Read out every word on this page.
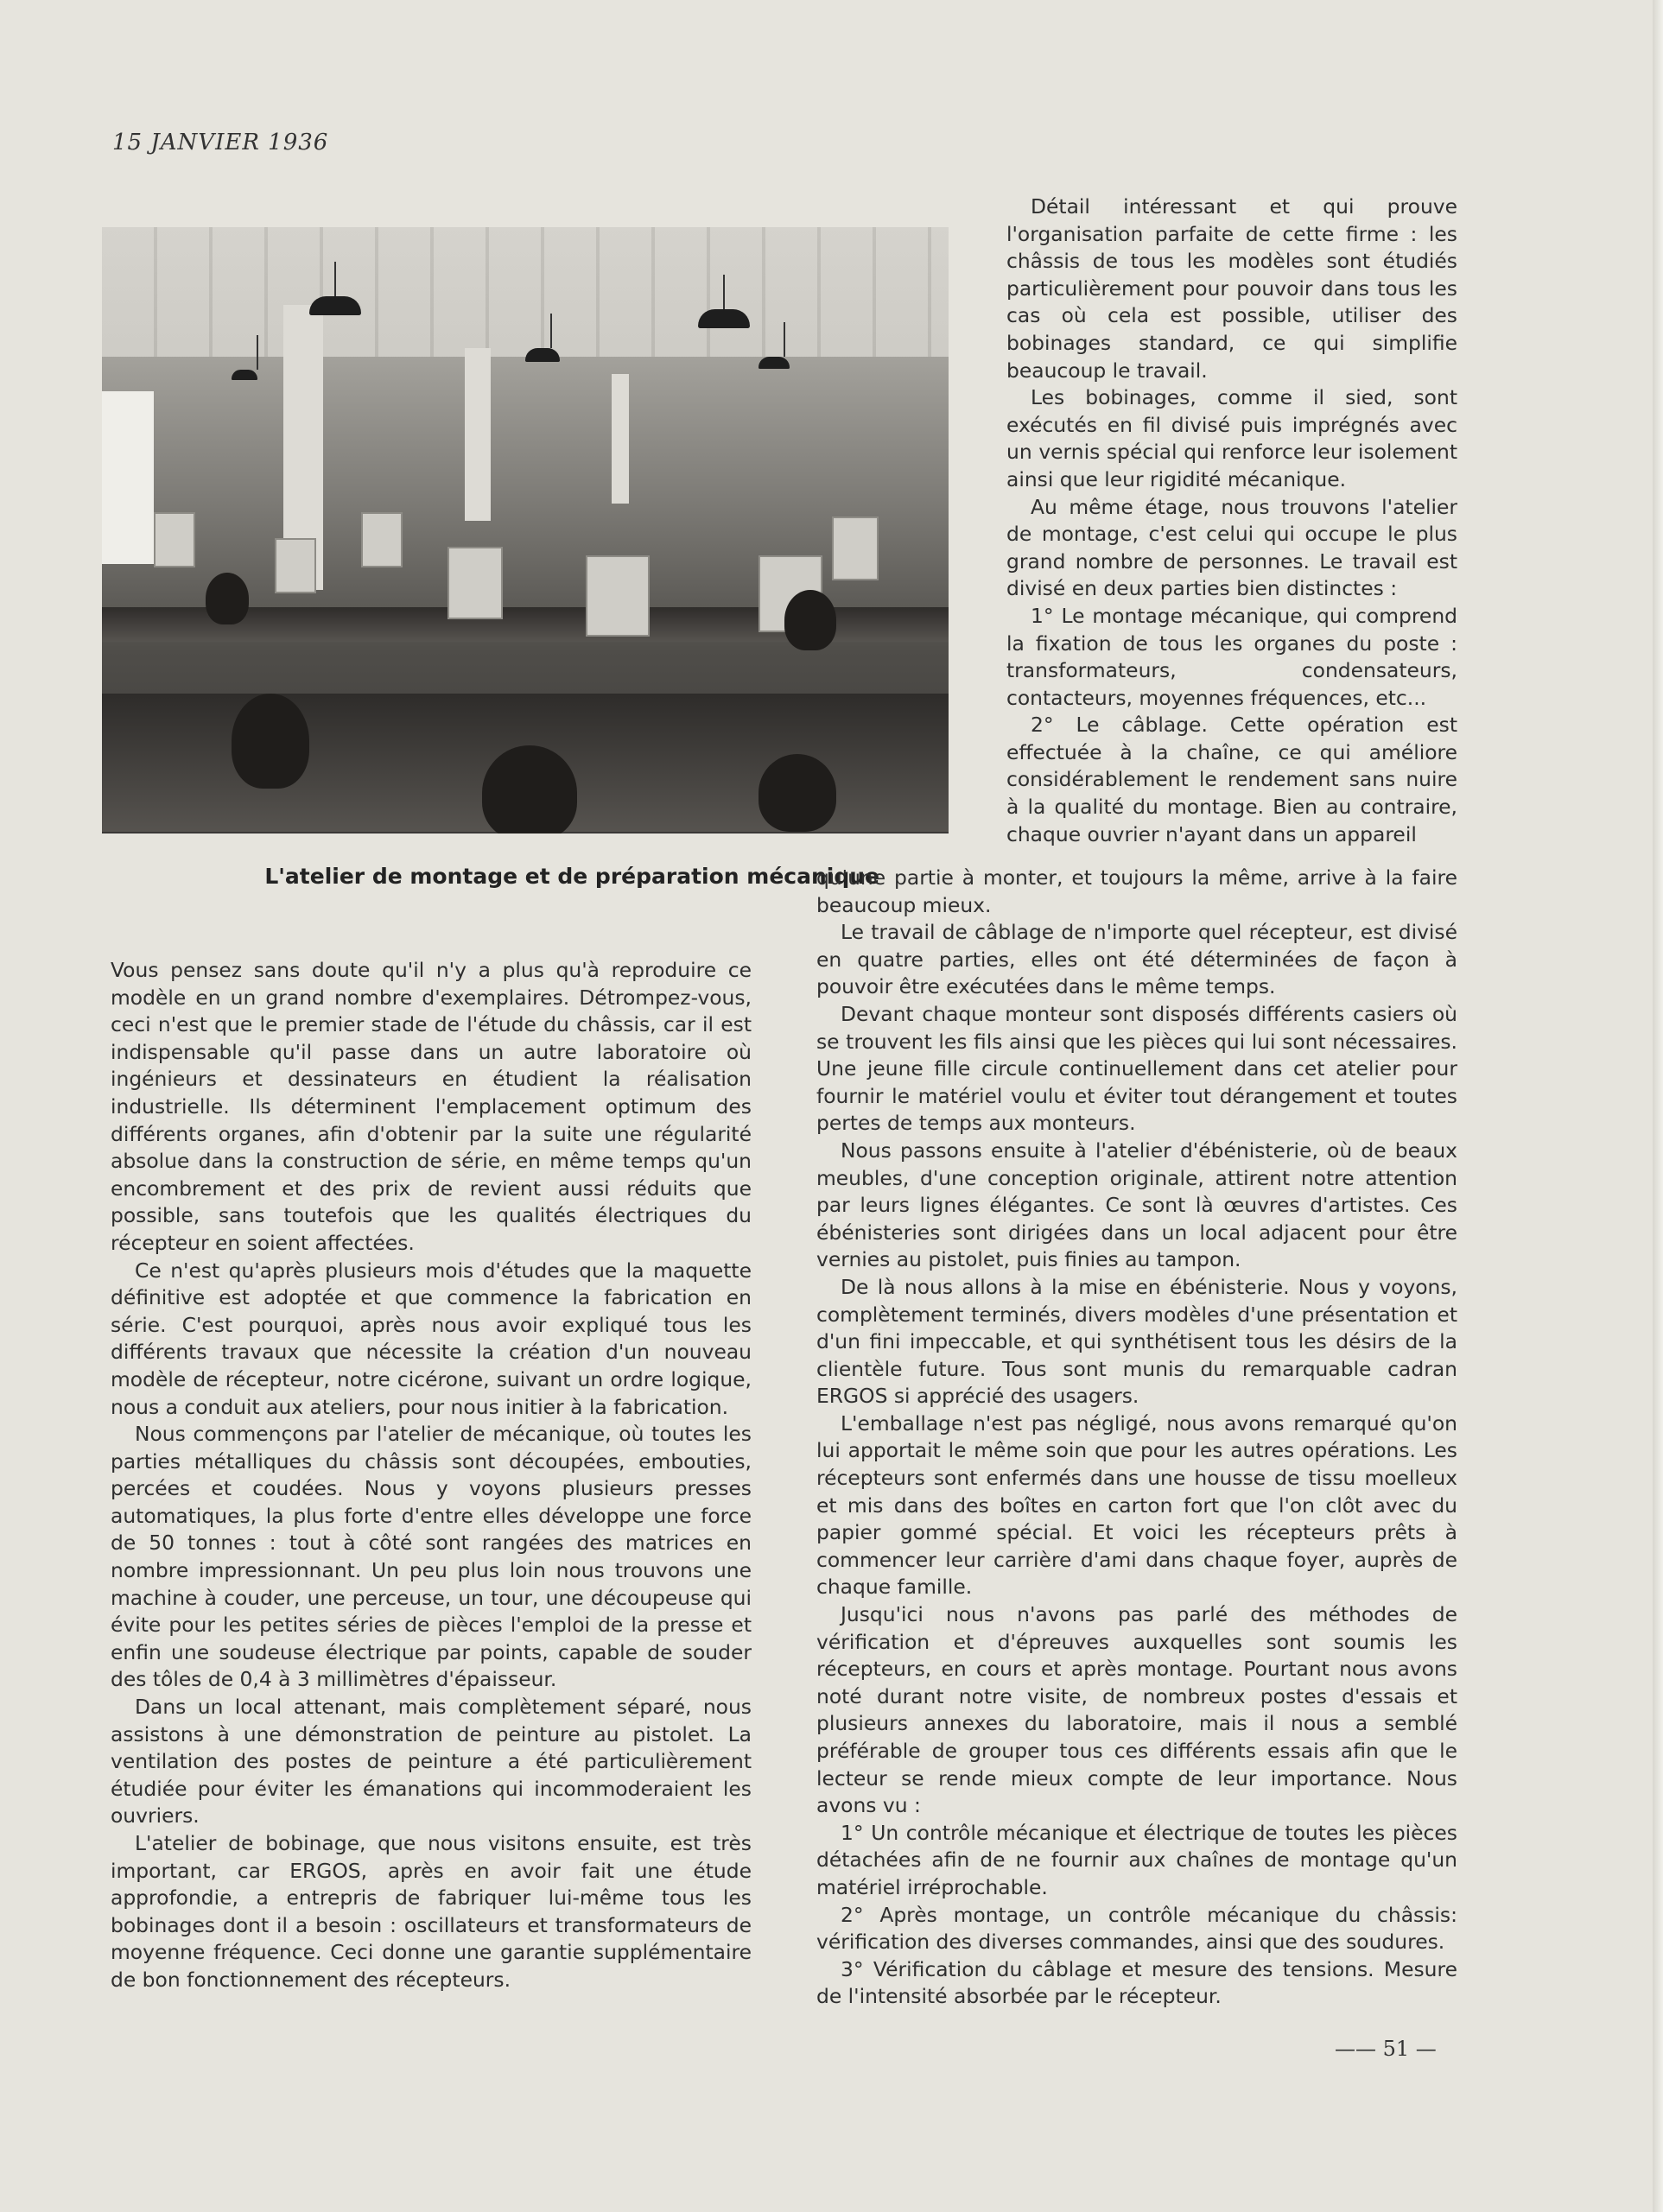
15 JANVIER 1936
L'atelier de montage et de préparation mécanique

Vous pensez sans doute qu'il n'y a plus qu'à reproduire ce modèle en un grand nombre d'exemplaires. Détrompez-vous, ceci n'est que le premier stade de l'étude du châssis, car il est indispensable qu'il passe dans un autre laboratoire où ingénieurs et dessinateurs en étudient la réalisation industrielle. Ils déterminent l'emplacement optimum des différents organes, afin d'obtenir par la suite une régularité absolue dans la construction de série, en même temps qu'un encombrement et des prix de revient aussi réduits que possible, sans toutefois que les qualités électriques du récepteur en soient affectées.

Ce n'est qu'après plusieurs mois d'études que la maquette définitive est adoptée et que commence la fabrication en série. C'est pourquoi, après nous avoir expliqué tous les différents travaux que nécessite la création d'un nouveau modèle de récepteur, notre cicérone, suivant un ordre logique, nous a conduit aux ateliers, pour nous initier à la fabrication.

Nous commençons par l'atelier de mécanique, où toutes les parties métalliques du châssis sont découpées, embouties, percées et coudées. Nous y voyons plusieurs presses automatiques, la plus forte d'entre elles développe une force de 50 tonnes : tout à côté sont rangées des matrices en nombre impressionnant. Un peu plus loin nous trouvons une machine à couder, une perceuse, un tour, une découpeuse qui évite pour les petites séries de pièces l'emploi de la presse et enfin une soudeuse électrique par points, capable de souder des tôles de 0,4 à 3 millimètres d'épaisseur.

Dans un local attenant, mais complètement séparé, nous assistons à une démonstration de peinture au pistolet. La ventilation des postes de peinture a été particulièrement étudiée pour éviter les émanations qui incommoderaient les ouvriers.

L'atelier de bobinage, que nous visitons ensuite, est très important, car ERGOS, après en avoir fait une étude approfondie, a entrepris de fabriquer lui-même tous les bobinages dont il a besoin : oscillateurs et transformateurs de moyenne fréquence. Ceci donne une garantie supplémentaire de bon fonctionnement des récepteurs.

Détail intéressant et qui prouve l'organisation parfaite de cette firme : les châssis de tous les modèles sont étudiés particulièrement pour pouvoir dans tous les cas où cela est possible, utiliser des bobinages standard, ce qui simplifie beaucoup le travail.

Les bobinages, comme il sied, sont exécutés en fil divisé puis imprégnés avec un vernis spécial qui renforce leur isolement ainsi que leur rigidité mécanique.

Au même étage, nous trouvons l'atelier de montage, c'est celui qui occupe le plus grand nombre de personnes. Le travail est divisé en deux parties bien distinctes :

1° Le montage mécanique, qui comprend la fixation de tous les organes du poste : transformateurs, condensateurs, contacteurs, moyennes fréquences, etc...

2° Le câblage. Cette opération est effectuée à la chaîne, ce qui améliore considérablement le rendement sans nuire à la qualité du montage. Bien au contraire, chaque ouvrier n'ayant dans un appareil

qu'une partie à monter, et toujours la même, arrive à la faire beaucoup mieux.

Le travail de câblage de n'importe quel récepteur, est divisé en quatre parties, elles ont été déterminées de façon à pouvoir être exécutées dans le même temps.

Devant chaque monteur sont disposés différents casiers où se trouvent les fils ainsi que les pièces qui lui sont nécessaires. Une jeune fille circule continuellement dans cet atelier pour fournir le matériel voulu et éviter tout dérangement et toutes pertes de temps aux monteurs.

Nous passons ensuite à l'atelier d'ébénisterie, où de beaux meubles, d'une conception originale, attirent notre attention par leurs lignes élégantes. Ce sont là œuvres d'artistes. Ces ébénisteries sont dirigées dans un local adjacent pour être vernies au pistolet, puis finies au tampon.

De là nous allons à la mise en ébénisterie. Nous y voyons, complètement terminés, divers modèles d'une présentation et d'un fini impeccable, et qui synthétisent tous les désirs de la clientèle future. Tous sont munis du remarquable cadran ERGOS si apprécié des usagers.

L'emballage n'est pas négligé, nous avons remarqué qu'on lui apportait le même soin que pour les autres opérations. Les récepteurs sont enfermés dans une housse de tissu moelleux et mis dans des boîtes en carton fort que l'on clôt avec du papier gommé spécial. Et voici les récepteurs prêts à commencer leur carrière d'ami dans chaque foyer, auprès de chaque famille.

Jusqu'ici nous n'avons pas parlé des méthodes de vérification et d'épreuves auxquelles sont soumis les récepteurs, en cours et après montage. Pourtant nous avons noté durant notre visite, de nombreux postes d'essais et plusieurs annexes du laboratoire, mais il nous a semblé préférable de grouper tous ces différents essais afin que le lecteur se rende mieux compte de leur importance. Nous avons vu :

1° Un contrôle mécanique et électrique de toutes les pièces détachées afin de ne fournir aux chaînes de montage qu'un matériel irréprochable.

2° Après montage, un contrôle mécanique du châssis: vérification des diverses commandes, ainsi que des soudures.

3° Vérification du câblage et mesure des tensions. Mesure de l'intensité absorbée par le récepteur.

—— 51 —
